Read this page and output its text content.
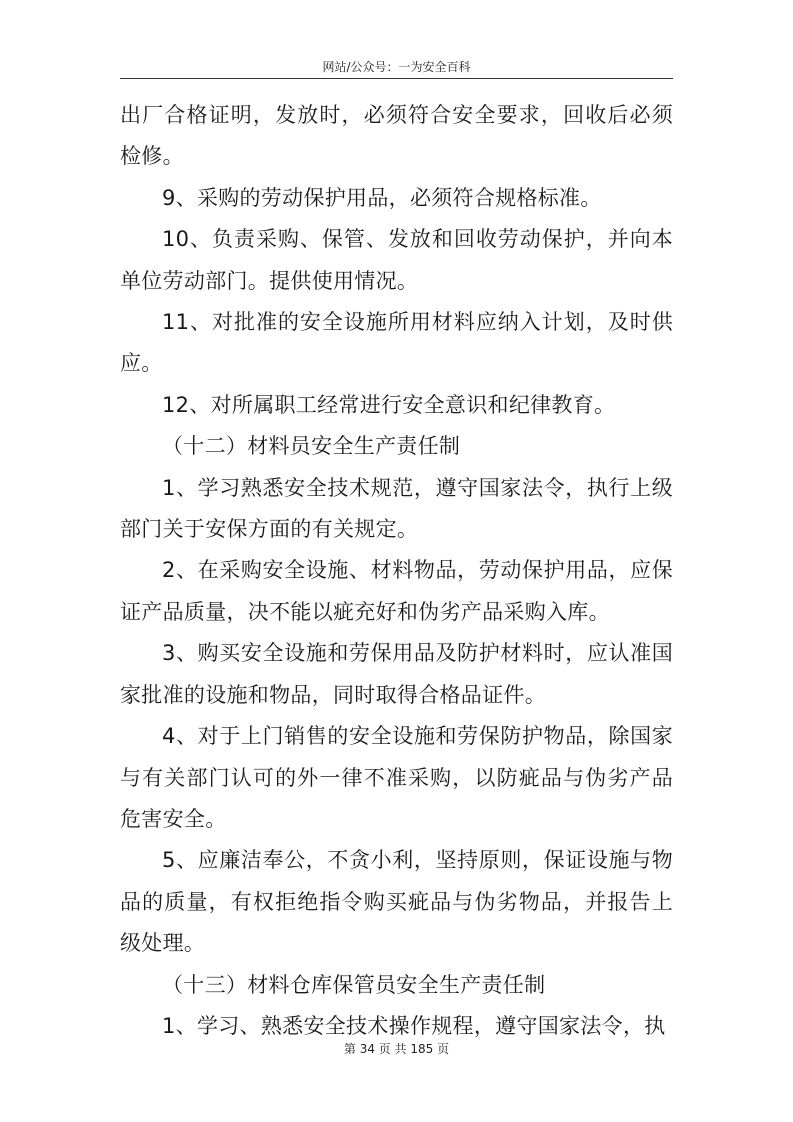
网站/公众号：一为安全百科

出厂合格证明，发放时，必须符合安全要求，回收后必须检修。

9、采购的劳动保护用品，必须符合规格标准。

10、负责采购、保管、发放和回收劳动保护，并向本单位劳动部门。提供使用情况。

11、对批准的安全设施所用材料应纳入计划，及时供应。

12、对所属职工经常进行安全意识和纪律教育。

（十二）材料员安全生产责任制

1、学习熟悉安全技术规范，遵守国家法令，执行上级部门关于安保方面的有关规定。

2、在采购安全设施、材料物品，劳动保护用品，应保证产品质量，决不能以疵充好和伪劣产品采购入库。

3、购买安全设施和劳保用品及防护材料时，应认准国家批准的设施和物品，同时取得合格品证件。

4、对于上门销售的安全设施和劳保防护物品，除国家与有关部门认可的外一律不准采购，以防疵品与伪劣产品危害安全。

5、应廉洁奉公，不贪小利，坚持原则，保证设施与物品的质量，有权拒绝指令购买疵品与伪劣物品，并报告上级处理。

（十三）材料仓库保管员安全生产责任制

1、学习、熟悉安全技术操作规程，遵守国家法令，执

第 34 页 共 185 页
